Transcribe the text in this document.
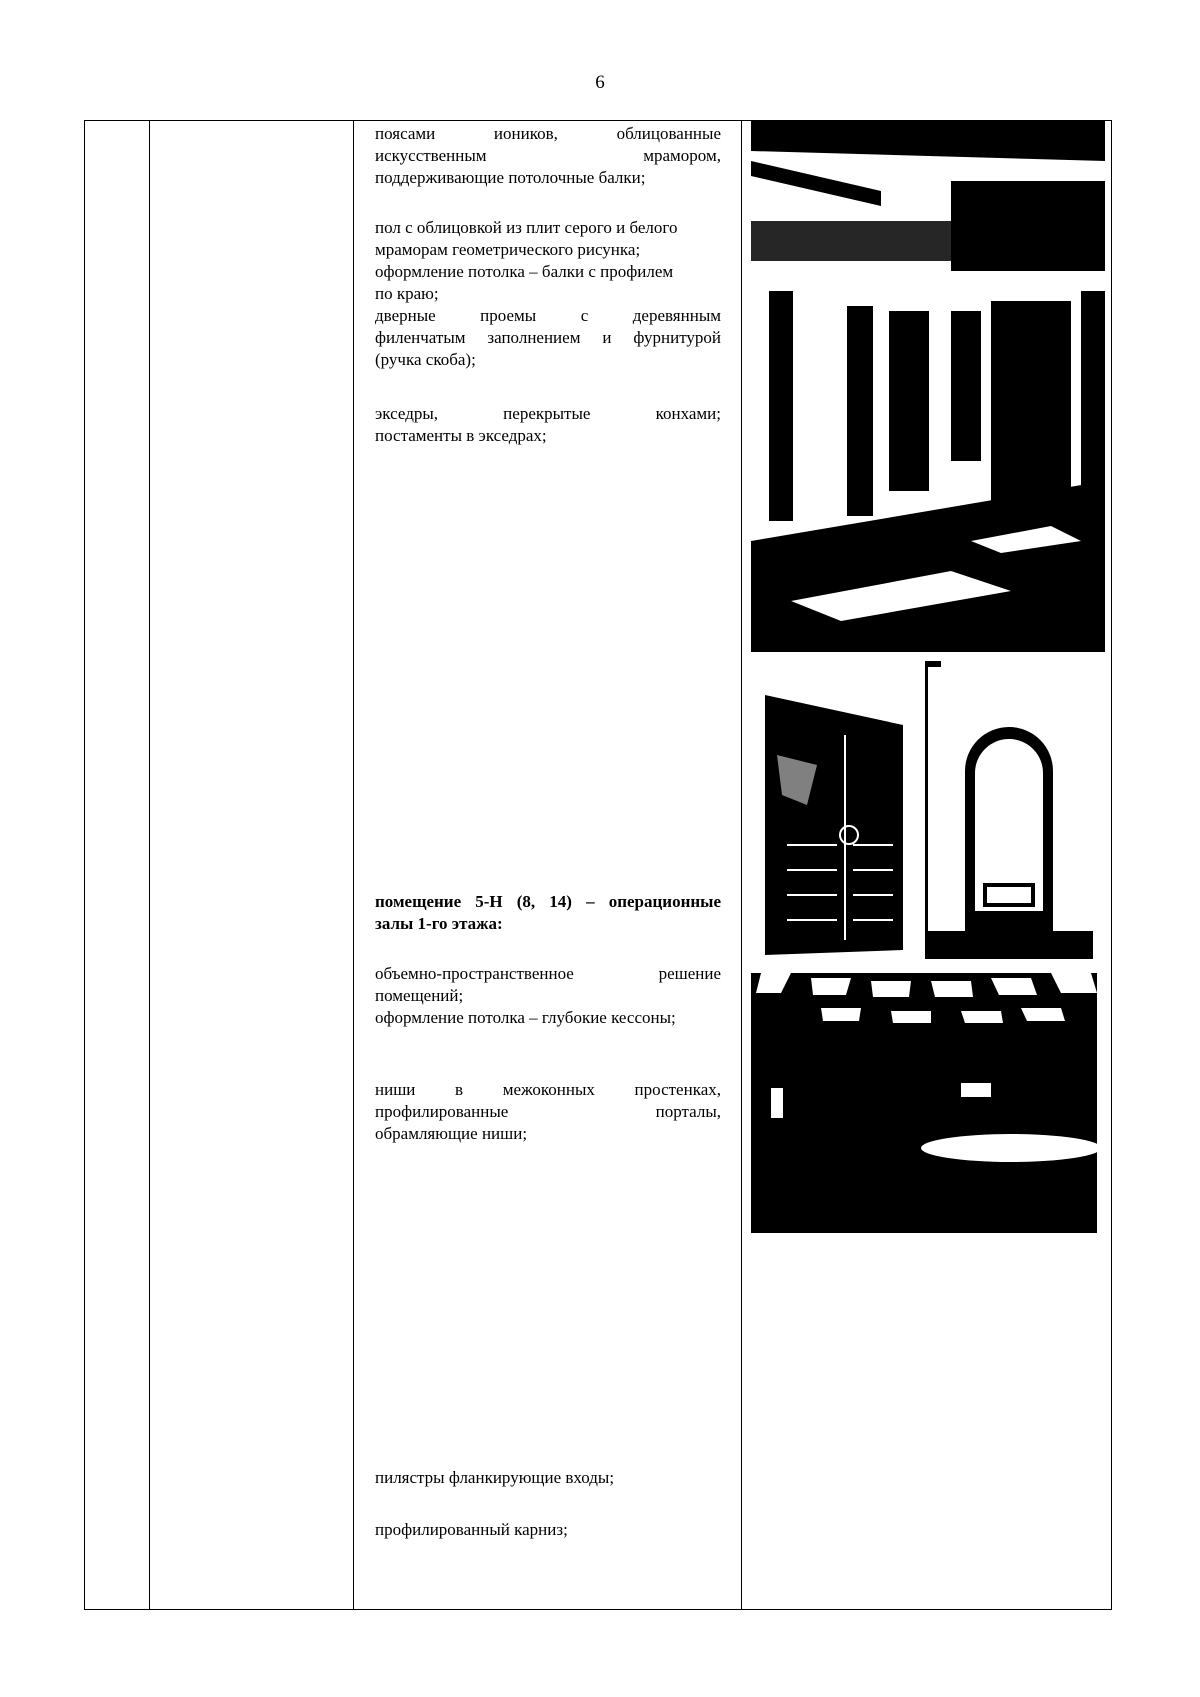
6

поясами иоников, облицованные

искусственным мрамором,

поддерживающие потолочные балки;

пол с облицовкой из плит серого и белого

мраморам геометрического рисунка;

оформление потолка – балки с профилем

по краю;

дверные проемы с деревянным

филенчатым заполнением и фурнитурой

(ручка скоба);

экседры, перекрытые конхами;

постаменты в экседрах;

помещение 5-Н (8, 14) – операционные

залы 1-го этажа:

объемно-пространственное решение

помещений;

оформление потолка – глубокие кессоны;

ниши в межоконных простенках,

профилированные порталы,

обрамляющие ниши;

пилястры фланкирующие входы;

профилированный карниз;
